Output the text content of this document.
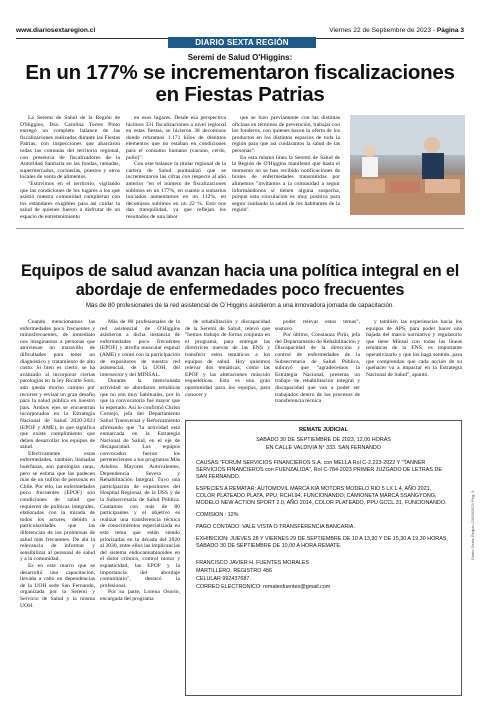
www.diariosextaregion.cl	Viernes 22 de Septiembre de 2023 - Página 3
DIARIO SEXTA REGIÓN
Seremi de Salud O'Higgins:
En un 177% se incrementaron fiscalizaciones en Fiestas Patrias

La Seremi de Salud de la Región de O'Higgins, Dra. Carolina Torres Pinto entregó un completo balance de las fiscalizaciones realizadas durante las Fiestas Patrias, con inspecciones que abarcaron todas las comunas del territorio regional, con presencia de fiscalizadores de la Autoridad Sanitaria en las fondas, ramadas, supermercados, cocinerías, puestos y otros locales de venta de alimentos.

"Estuvimos en el territorio, vigilando que las condiciones de los lugares a los que asistió nuestra comunidad cumplieran con los estándares exigibles para así cuidar la salud de quienes fueron a disfrutar de un espacio de entretenimiento

en esos lugares. Desde esa perspectiva hicimos 331 fiscalizaciones a nivel regional en estas fiestas, se hicieron 38 decomisos donde retiramos 1.171 kilos de distintos elementos que no estaban en condiciones para el consumo humano (vacuno, cerdo, pollo)".

Con este balance la titular regional de la cartera de Salud puntualizó que se incrementaron las cifras con respecto al año anterior "en el número de fiscalizaciones subimos en un 177%, en cuanto a sumarios iniciados aumentamos en un 112%, en decomisos subimos en un 22 %. Esto nos dan tranquilidad, ya que reflejan los resultados de una labor

que se hizo previamente con las distintas oficinas en términos de prevención, trabajar con los fonderos, con quienes hacen la oferta de los productos en los distintos espacios de toda la región para que así cuidáramos la salud de las personas".

En esta misma línea la Seremi de Salud de la Región de O'Higgins manifestó que hasta el momento no se han recibido notificaciones de brotes de enfermedades transmitidas por alimentos "invitamos a la comunidad a seguir informándonos si tienen alguna sospecha, porque esta vinculación es muy positiva para seguir cuidando la salud de los habitantes de la región".

Equipos de salud avanzan hacia una política integral en el abordaje de enfermedades poco frecuentes
Más de 80 profesionales de la red asistencial de O´Higgins asistieron a una innovadora jornada de capacitación.

Cuando mencionamos las enfermedades poco frecuentes y minusfrecuentes, de inmediato nos imaginamos a personas que atraviesan un maravillo de dificultades para tener un diagnóstico y tratamiento de alto costo. Si bien es cierto, se ha avanzado al incorporar ciertas patologías en la ley Ricarte Soto, aún queda mucho camino por recorrer y revisar un gran desafío para la salud pública en nuestro país. Ambos ejes se encuentran incorporados en la Estrategia Nacional de Salud 2020-2023 (EPOF y AME), lo que significa que existe cumplimiento que deben desarrollar los equipos de salud.

Efectivamente estas enfermedades, también llamadas huérfanas, son patologías raras, pero se estima que las padecen más de un millón de personas en Chile. Por ello, las enfermedades poco frecuentes (EPOF) son condiciones de salud que requieren de políticas integrales, elaboradas con la mirada de todos los actores, debido a particularidades que las diferencian de los problemas de salud más frecuentes. De ahí la relevancia de informar y sensibilizar al personal de salud y a la comunidad.

Es en este marco que se desarrolló una capacitación, llevada a cabo en dependencias de la UOH sede San Fernando, organizada por la Seremi y Servicio de Salud y la misma UOH.

Más de 80 profesionales de la red asistencial de O'Higgins asistieron a dicha instancia de enfermedades poco frecuentes (EPOF) y atrofia muscular espinal (AME) y contó con la participación de expositores de nuestra red asistencial, de la UOH, del intersector y del MINSAL.

Durante la mencionada actividad se abordaron temáticas que no son muy habituales, por lo que la convocatoria fue mayor que lo esperado. Así lo confirmó Chrisn Cornejo, jefa del Departamento Salud Transversal y Reforzamiento afirmando que "la actividad está enmarcada en la Estrategia Nacional de Salud, en el eje de discapacidad. Los equipos convocados fueron los pertenecientes a los programas Más Adultos Mayores Autovalentes, Dependencia Severa y Rehabilitación Integral. Tuvo una participación de expositores del Hospital Regional, de la DSS y de la Subsecretaría de Salud Pública. Contamos con más de 80 participantes y el objetivo es realizar una transferencia técnica de conocimientos especializada en este tema que están siendo priorizadas en la década del 2020 al 2030, entre ellos las implicancias del sistema endocannabinoides en el dolor crónico, control motor y espasticidad, las EPOF y la importancia del abordaje comunitario", destacó la profesional.

Por su parte, Lorena Osorio, encargada del programa

de rehabilitación y discapacidad de la Seremi de Salud, relevó que "hemos trabajo de forma conjunta en el programa, para entregar las directrices nuevas de las ENS y transferir estos temáticos a los equipos de salud. Hoy quisimos relevar dos temáticas, como las EPOF y las alteraciones músculo esqueléticas. Esta es una gran oportunidad para los equipos, para conocer y

poder relevar estos temas", sostuvo.

Por último, Constanza Pirin, jefa del Departamento de Rehabilitación y Discapacidad de la dirección y control de enfermedades de la Subsecretaría de Salud Pública, subrayó que "agradecemos la Estrategia Nacional, presenta un trabajo de rehabilitación integral y discapacidad que van a poder ser trabajados dentro de los procesos de transferencia técnica

y también las experiencias hacia los equipos de APS, para poder hacer una bajada del marco normativo y regulatorio que tiene Minsal con todas las líneas temáticas de la ENS, es importante operativizarlo y que los haga sentido, para que comprendan que cada acción de su quehacer va a impactar en la Estrategia Nacional de Salud", apuntó.

REMATE JUDICIAL
SABADO 30 DE SEPTIEMBRE DE 2023, 12,00 HORAS
EN CALLE VALDIVIA N° 333. SAN FERNANDO

CAUSAS:"FORUM SERVICIOS FINANCIEROS S.A. con MELLA Rol C-2.223-2022 Y "TANNER SERVICIOS FINANCIEROS con FUENZALIDA", Rol C-784-2023 PRIMER JUZGADO DE LETRAS DE SAN FERNANDO.

ESPECIES A REMATAR: AUTOMOVIL MARCA KIA MOTORS MODELO RIO 5 LX 1.4, AÑO 2021, COLOR PLATEADO PLATA, PPU. RCHI.94, FUNCIONANDO; CAMIONETA MARCA SSANGYONG, MODELO NEW ACTION SPORT 2.0, AÑO 2014, COLOR PLATEADO, PPU GCCL.31, FUNCIONANDO.

COMISION : 12%

PAGO CONTADO: VALE VISTA O TRANSFERENCIA BANCARIA.

EXHIBICION: JUEVES 28 Y VIERNES 29 DE SEPTIEMBRE DE 10 A 13,30 Y DE 15,30 A 19,30 HORAS, SABADO 30 DE SEPTIEMBRE DE 10,00 A HORA REMATE.

FRANCISCO JAVIER H. FUENTES MORALES

MARTILLERO. REGISTRO 456

CELULAR 992437687.

CORREO ELECTRONICO: rematesfuentes@gmail.com

Diario Sexta Región 22/09/2023 Pág: 3
